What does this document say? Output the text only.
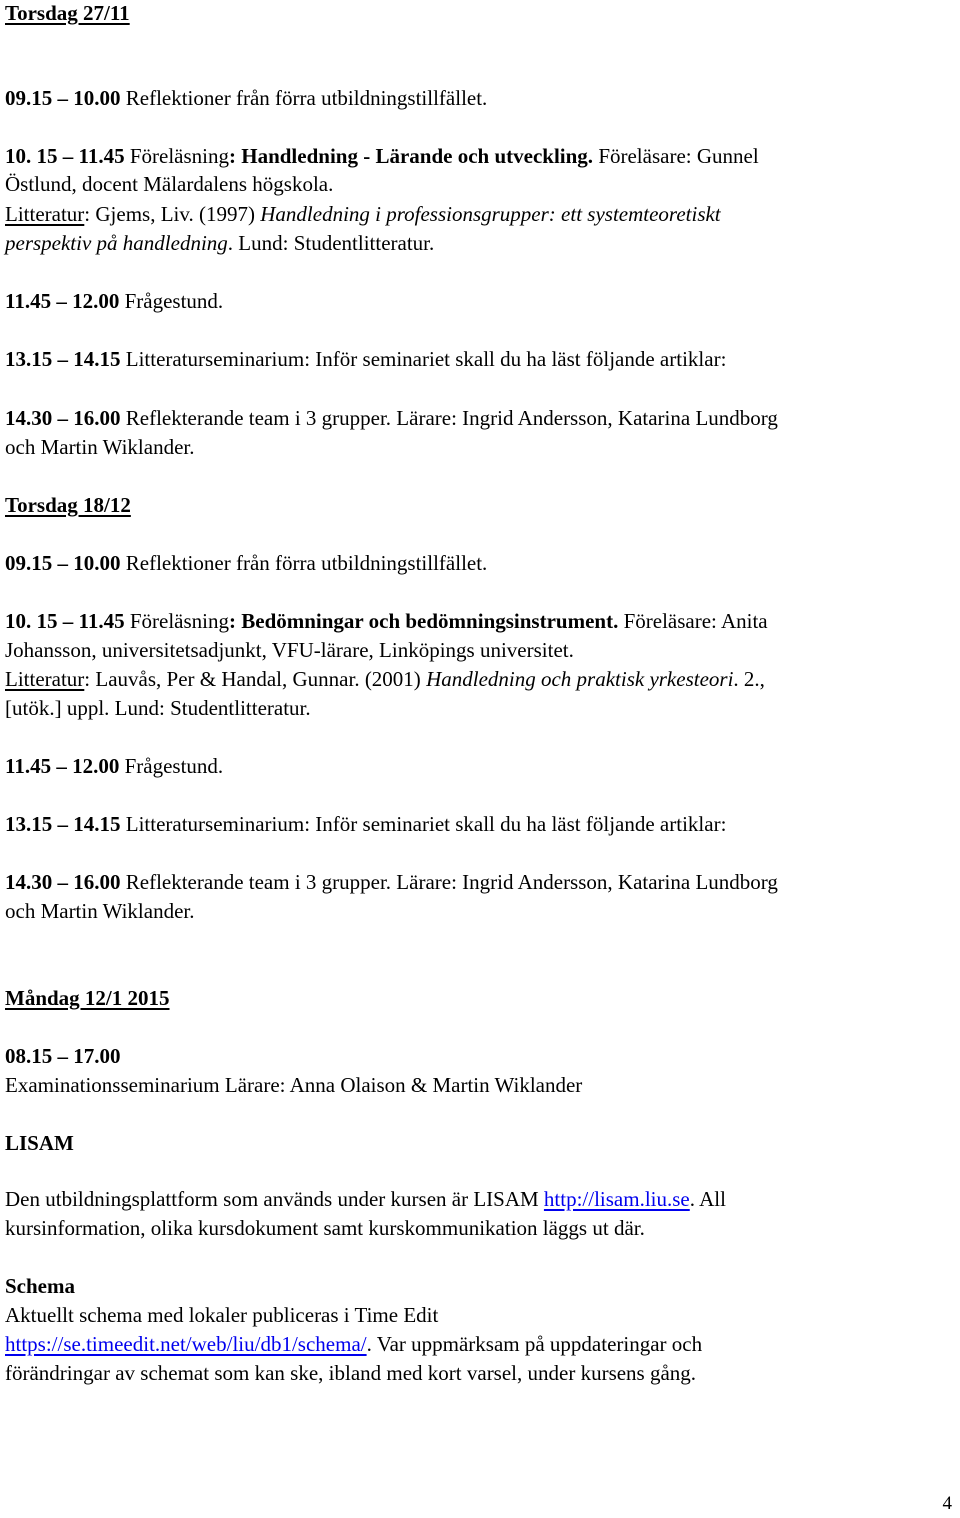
Torsdag 27/11

09.15 – 10.00 Reflektioner från förra utbildningstillfället.

10. 15 – 11.45 Föreläsning: Handledning - Lärande och utveckling. Föreläsare: Gunnel

Östlund, docent Mälardalens högskola.

Litteratur: Gjems, Liv. (1997) Handledning i professionsgrupper: ett systemteoretiskt

perspektiv på handledning. Lund: Studentlitteratur.

11.45 – 12.00 Frågestund.

13.15 – 14.15 Litteraturseminarium: Inför seminariet skall du ha läst följande artiklar:

14.30 – 16.00 Reflekterande team i 3 grupper. Lärare: Ingrid Andersson, Katarina Lundborg

och Martin Wiklander.

Torsdag 18/12

09.15 – 10.00 Reflektioner från förra utbildningstillfället.

10. 15 – 11.45 Föreläsning: Bedömningar och bedömningsinstrument. Föreläsare: Anita

Johansson, universitetsadjunkt, VFU-lärare, Linköpings universitet.

Litteratur: Lauvås, Per & Handal, Gunnar. (2001) Handledning och praktisk yrkesteori. 2.,

[utök.] uppl. Lund: Studentlitteratur.

11.45 – 12.00 Frågestund.

13.15 – 14.15 Litteraturseminarium: Inför seminariet skall du ha läst följande artiklar:

14.30 – 16.00 Reflekterande team i 3 grupper. Lärare: Ingrid Andersson, Katarina Lundborg

och Martin Wiklander.

Måndag 12/1 2015

08.15 – 17.00

Examinationsseminarium Lärare: Anna Olaison & Martin Wiklander

LISAM

Den utbildningsplattform som används under kursen är LISAM http://lisam.liu.se. All

kursinformation, olika kursdokument samt kurskommunikation läggs ut där.

Schema

Aktuellt schema med lokaler publiceras i Time Edit

https://se.timeedit.net/web/liu/db1/schema/. Var uppmärksam på uppdateringar och

förändringar av schemat som kan ske, ibland med kort varsel, under kursens gång.

4
